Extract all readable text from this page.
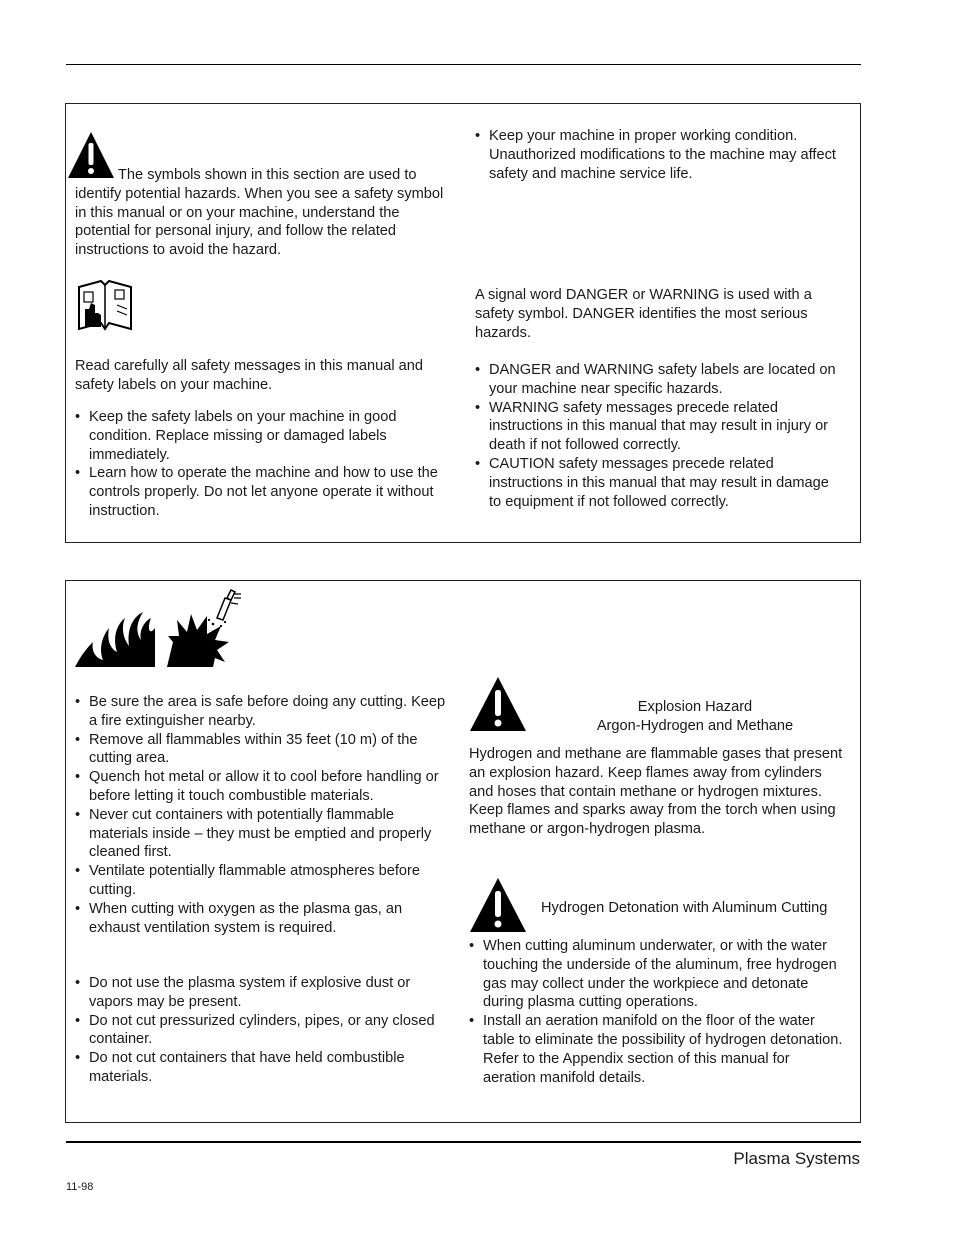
The symbols shown in this section are used to identify potential hazards. When you see a safety symbol in this manual or on your machine, understand the potential for personal injury, and follow the related instructions to avoid the hazard.
• Keep your machine in proper working condition. Unauthorized modifications to the machine may affect safety and machine service life.

Read carefully all safety messages in this manual and safety labels on your machine.

• Keep the safety labels on your machine in good condition. Replace missing or damaged labels immediately.
• Learn how to operate the machine and how to use the controls properly. Do not let anyone operate it without instruction.

A signal word DANGER or WARNING is used with a safety symbol. DANGER identifies the most serious hazards.

• DANGER and WARNING safety labels are located on your machine near specific hazards.
• WARNING safety messages precede related instructions in this manual that may result in injury or death if not followed correctly.
• CAUTION safety messages precede related instructions in this manual that may result in damage to equipment if not followed correctly.
• Be sure the area is safe before doing any cutting. Keep a fire extinguisher nearby.
• Remove all flammables within 35 feet (10 m) of the cutting area.
• Quench hot metal or allow it to cool before handling or before letting it touch combustible materials.
• Never cut containers with potentially flammable materials inside – they must be emptied and properly cleaned first.
• Ventilate potentially flammable atmospheres before cutting.
• When cutting with oxygen as the plasma gas, an exhaust ventilation system is required.
• Do not use the plasma system if explosive dust or vapors may be present.
• Do not cut pressurized cylinders, pipes, or any closed container.
• Do not cut containers that have held combustible materials.
Explosion Hazard
Argon-Hydrogen and Methane

Hydrogen and methane are flammable gases that present an explosion hazard. Keep flames away from cylinders and hoses that contain methane or hydrogen mixtures. Keep flames and sparks away from the torch when using methane or argon-hydrogen plasma.

Hydrogen Detonation with Aluminum Cutting
• When cutting aluminum underwater, or with the water touching the underside of the aluminum, free hydrogen gas may collect under the workpiece and detonate during plasma cutting operations.
• Install an aeration manifold on the floor of the water table to eliminate the possibility of hydrogen detonation. Refer to the Appendix section of this manual for aeration manifold details.
Plasma Systems
11-98
